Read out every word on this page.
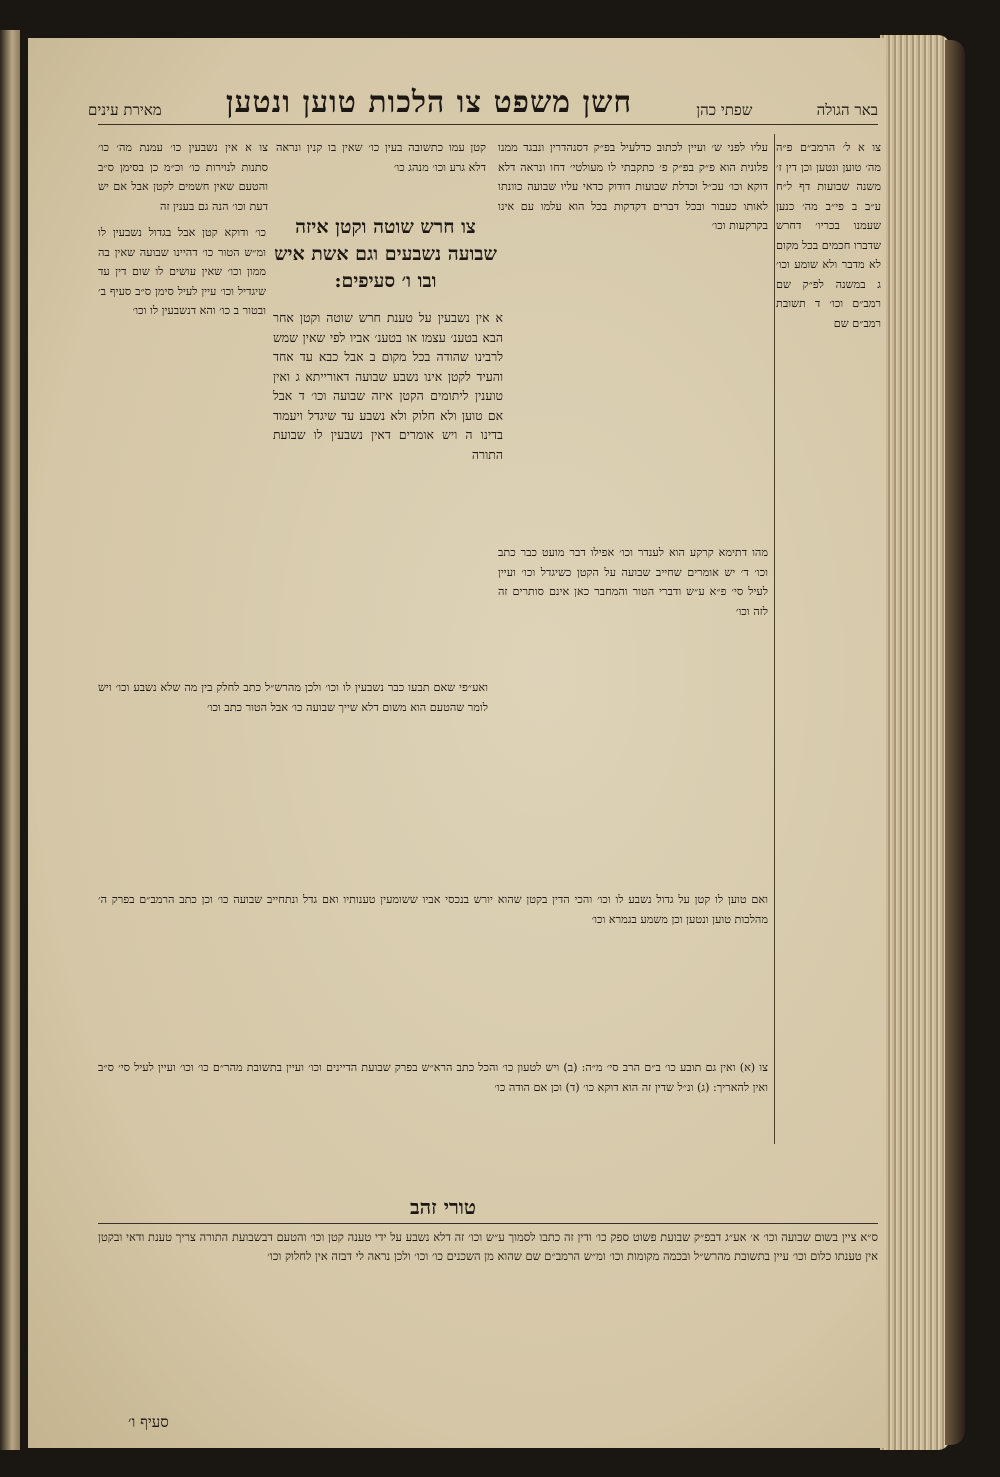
באר הגולה
שפתי כהן
חשן משפט צו הלכות טוען ונטען
מאירת עינים

צו א ל׳ הרמב״ם פ״ה מה׳ טוען ונטען וכן דין ז׳ משנה שבועות דף ל״ח ע״ב ב פי״ב מה׳ כנען שעמנו בכריו׳ דחרש שדברו חכמים בכל מקום לא מדבר ולא שומע וכו׳ ג במשנה לפ״ק שם רמב״ם וכו׳ ד תשובת רמב״ם שם

עליו לפני ש׳ ועיין לכתוב כדלעיל בפ״ק דסנהדרין ונבגד ממנו פלונית הוא פ״ק בפ״ק פ׳ כתקבתי לו מעולטי׳ דחו ונראה דלא דוקא וכו׳ עכ״ל וכדלת שבועות דודוק כדאי עליו שבועה כוונתו לאותו כעבור ובכל דברים דקדקות בכל הוא עלמו עם אינו בקרקעות וכו׳

קטן עמו כתשובה בעין כו׳ שאין בו קנין ונראה דלא גרע וכו׳ מנהג כו׳

צו א אין נשבעין כו׳ עמנת מה׳ כו׳ סתנות לנוירות כו׳ וכ״מ כן בסימן ס״ב והטעם שאין חשמים לקטן אבל אם יש דעת וכו׳ הנה גם בענין זה

צו חרש שוטה וקטן איזה שבועה נשבעים וגם אשת איש ובו ו׳ סעיפים:

א אין נשבעין על טענת חרש שוטה וקטן אחר הבא בטענ׳ עצמו או בטענ׳ אביו לפי שאין שמש לרבינו שהודה בכל מקום ב אבל כבא עד אחד והעיד לקטן אינו נשבע שבועה דאורייתא ג ואין טוענין ליתומים הקטן איזה שבועה וכו׳ ד אבל אם טוען ולא חלוק ולא נשבע עד שיגדל ויעמוד בדינו ה ויש אומרים דאין נשבעין לו שבועת התורה

כו׳ ודוקא קטן אבל בגדול נשבעין לו ומ״ש הטור כו׳ דהיינו שבועה שאין בה ממון וכו׳ שאין עושים לו שום דין עד שיגדיל וכו׳ עיין לעיל סימן ס״ב סעיף ב׳ ובטור ב כו׳ והא דנשבעין לו וכו׳

ואע״פי שאם תבעו כבר נשבעין לו וכו׳ ולכן מהרש״ל כתב לחלק בין מה שלא נשבע וכו׳ ויש לומר שהטעם הוא משום דלא שייך שבועה כו׳ אבל הטור כתב וכו׳

מהו דתימא קרקע הוא לענדר וכו׳ אפילו דבר מועט כבר כתב וכו׳ ד׳ יש אומרים שחייב שבועה על הקטן כשיגדל וכו׳ ועיין לעיל סי׳ פ״א ע״ש ודברי הטור והמחבר כאן אינם סותרים זה לזה וכו׳

ואם טוען לו קטן על גדול נשבע לו וכו׳ והכי הדין בקטן שהוא יורש בנכסי אביו ששומעין טענותיו ואם גדל ונתחייב שבועה כו׳ וכן כתב הרמב״ם בפרק ה׳ מהלכות טוען ונטען וכן משמע בגמרא וכו׳

צו (א) ואין גם תובע כו׳ ב״ם הרב סי׳ מ״ה: (ב) ויש לטעון כו׳ והכל כתב הרא״ש בפרק שבועת הדיינים וכו׳ ועיין בתשובת מהר״ם כו׳ וכו׳ ועיין לעיל סי׳ ס״ב ואין להאריך: (ג) ונ״ל שדין זה הוא דוקא כו׳ (ד) וכן אם הודה כו׳

טורי זהב

ס״א ציין בשום שבועה וכו׳ א׳ אע״ג דבפ״ק שבועת פשוט ספק כו׳ ודין זה כתבו לסמוך ע״ש וכו׳ זה דלא נשבע על ידי טענה קטן וכו׳ והטעם דבשבועת התורה צריך טענת ודאי ובקטן אין טענתו כלום וכו׳ עיין בתשובת מהרש״ל ובכמה מקומות וכו׳ ומ״ש הרמב״ם שם שהוא מן השכנים כו׳ וכו׳ ולכן נראה לי דבזה אין לחלוק וכו׳

סעיף ו׳
